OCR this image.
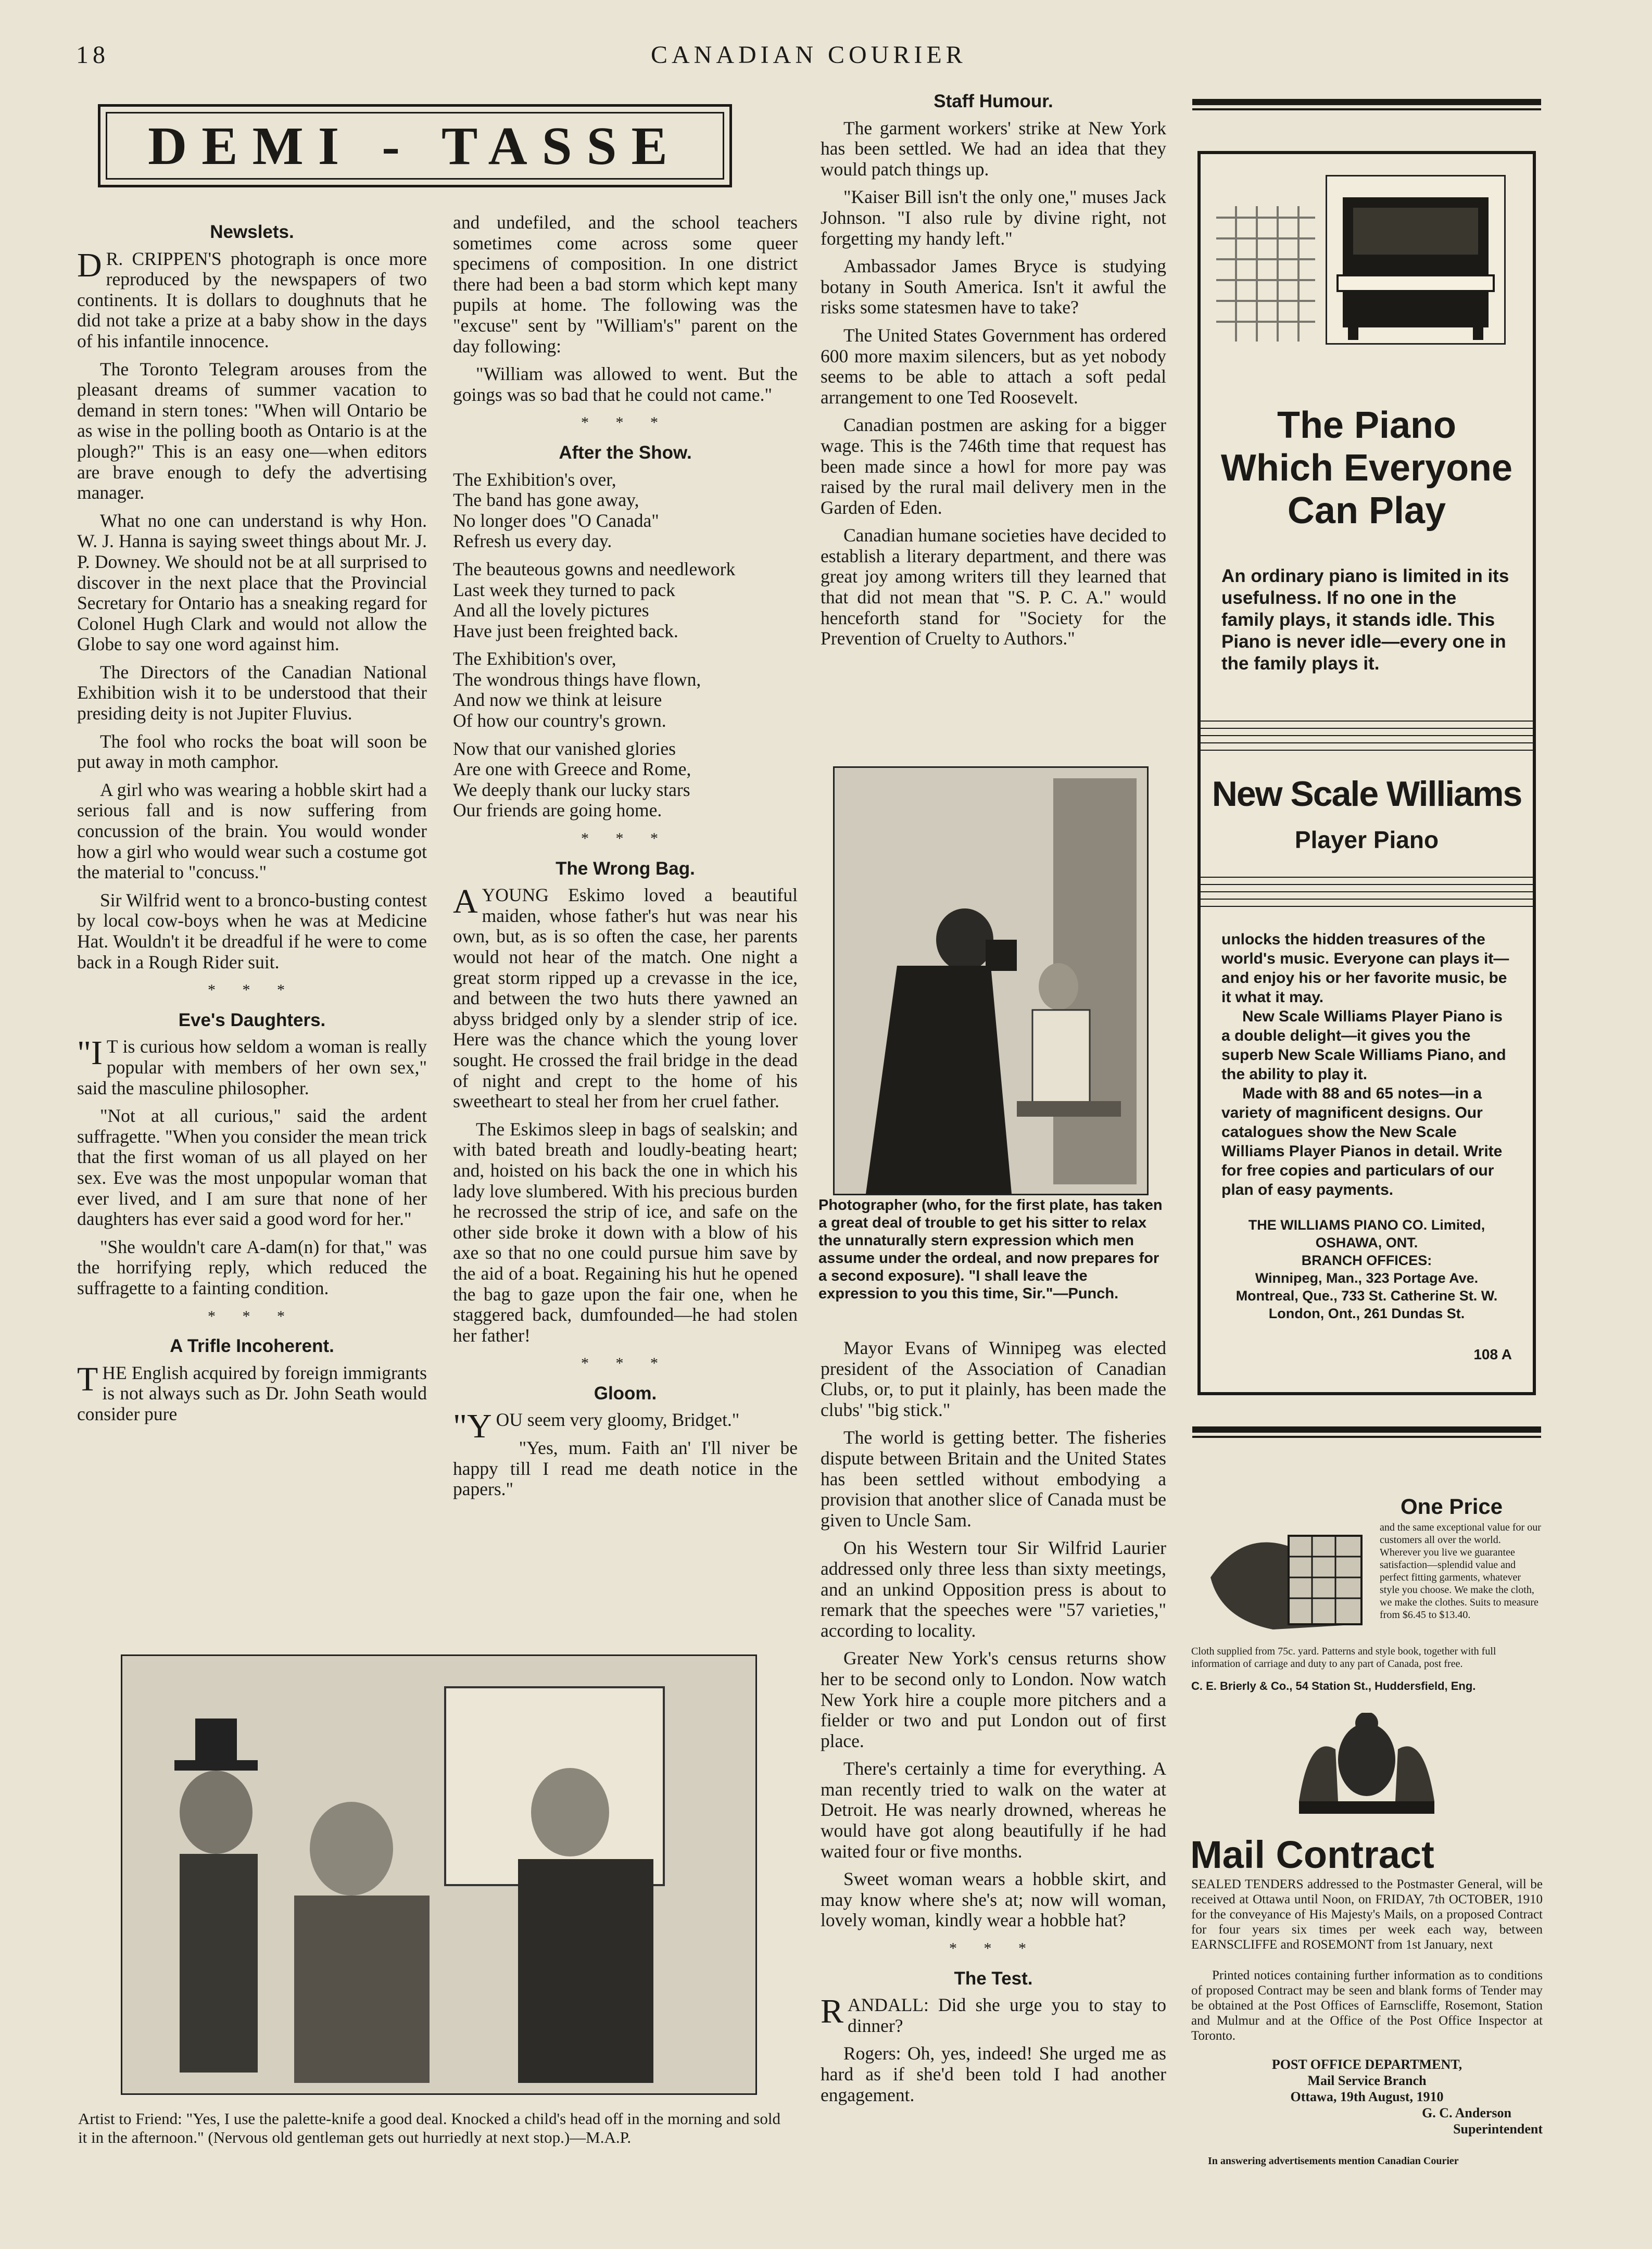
18	CANADIAN COURIER
DEMI - TASSE
Newslets.

D R. CRIPPEN'S photograph is once more reproduced by the newspapers of two continents. It is dollars to doughnuts that he did not take a prize at a baby show in the days of his infantile innocence.

The Toronto Telegram arouses from the pleasant dreams of summer vacation to demand in stern tones: "When will Ontario be as wise in the polling booth as Ontario is at the plough?" This is an easy one—when editors are brave enough to defy the advertising manager.

What no one can understand is why Hon. W. J. Hanna is saying sweet things about Mr. J. P. Downey. We should not be at all surprised to discover in the next place that the Provincial Secretary for Ontario has a sneaking regard for Colonel Hugh Clark and would not allow the Globe to say one word against him.

The Directors of the Canadian National Exhibition wish it to be understood that their presiding deity is not Jupiter Fluvius.

The fool who rocks the boat will soon be put away in moth camphor.

A girl who was wearing a hobble skirt had a serious fall and is now suffering from concussion of the brain. You would wonder how a girl who would wear such a costume got the material to "concuss."

Sir Wilfrid went to a bronco-busting contest by local cow-boys when he was at Medicine Hat. Wouldn't it be dreadful if he were to come back in a Rough Rider suit.

* * *
Eve's Daughters.

"I T is curious how seldom a woman is really popular with members of her own sex," said the masculine philosopher.

"Not at all curious," said the ardent suffragette. "When you consider the mean trick that the first woman of us all played on her sex. Eve was the most unpopular woman that ever lived, and I am sure that none of her daughters has ever said a good word for her."

"She wouldn't care A-dam(n) for that," was the horrifying reply, which reduced the suffragette to a fainting condition.

* * *
A Trifle Incoherent.

THE English acquired by foreign immigrants is not always such as Dr. John Seath would consider pure

and undefiled, and the school teachers sometimes come across some queer specimens of composition. In one district there had been a bad storm which kept many pupils at home. The following was the "excuse" sent by "William's" parent on the day following:

"William was allowed to went. But the goings was so bad that he could not came."

* * *
After the Show.
The Exhibition's over,
The band has gone away,
No longer does "O Canada"
Refresh us every day.
The beauteous gowns and needlework
Last week they turned to pack
And all the lovely pictures
Have just been freighted back.
The Exhibition's over,
The wondrous things have flown,
And now we think at leisure
Of how our country's grown.
Now that our vanished glories
Are one with Greece and Rome,
We deeply thank our lucky stars
Our friends are going home.
* * *
The Wrong Bag.

AYOUNG Eskimo loved a beautiful maiden, whose father's hut was near his own, but, as is so often the case, her parents would not hear of the match. One night a great storm ripped up a crevasse in the ice, and between the two huts there yawned an abyss bridged only by a slender strip of ice. Here was the chance which the young lover sought. He crossed the frail bridge in the dead of night and crept to the home of his sweetheart to steal her from her cruel father.

The Eskimos sleep in bags of sealskin; and with bated breath and loudly-beating heart; and, hoisted on his back the one in which his lady love slumbered. With his precious burden he recrossed the strip of ice, and safe on the other side broke it down with a blow of his axe so that no one could pursue him save by the aid of a boat. Regaining his hut he opened the bag to gaze upon the fair one, when he staggered back, dumfounded—he had stolen her father!

* * *
Gloom.

"YOU seem very gloomy, Bridget."

"Yes, mum. Faith an' I'll niver be happy till I read me death notice in the papers."

Artist to Friend: "Yes, I use the palette-knife a good deal. Knocked a child's head off in the morning and sold it in the afternoon." (Nervous old gentleman gets out hurriedly at next stop.)—M.A.P.
Staff Humour.

The garment workers' strike at New York has been settled. We had an idea that they would patch things up.

"Kaiser Bill isn't the only one," muses Jack Johnson. "I also rule by divine right, not forgetting my handy left."

Ambassador James Bryce is studying botany in South America. Isn't it awful the risks some statesmen have to take?

The United States Government has ordered 600 more maxim silencers, but as yet nobody seems to be able to attach a soft pedal arrangement to one Ted Roosevelt.

Canadian postmen are asking for a bigger wage. This is the 746th time that request has been made since a howl for more pay was raised by the rural mail delivery men in the Garden of Eden.

Canadian humane societies have decided to establish a literary department, and there was great joy among writers till they learned that that did not mean that "S. P. C. A." would henceforth stand for "Society for the Prevention of Cruelty to Authors."

Photographer (who, for the first plate, has taken a great deal of trouble to get his sitter to relax the unnaturally stern expression which men assume under the ordeal, and now prepares for a second exposure). "I shall leave the expression to you this time, Sir."—Punch.

Mayor Evans of Winnipeg was elected president of the Association of Canadian Clubs, or, to put it plainly, has been made the clubs' "big stick."

The world is getting better. The fisheries dispute between Britain and the United States has been settled without embodying a provision that another slice of Canada must be given to Uncle Sam.

On his Western tour Sir Wilfrid Laurier addressed only three less than sixty meetings, and an unkind Opposition press is about to remark that the speeches were "57 varieties," according to locality.

Greater New York's census returns show her to be second only to London. Now watch New York hire a couple more pitchers and a fielder or two and put London out of first place.

There's certainly a time for everything. A man recently tried to walk on the water at Detroit. He was nearly drowned, whereas he would have got along beautifully if he had waited four or five months.

Sweet woman wears a hobble skirt, and may know where she's at; now will woman, lovely woman, kindly wear a hobble hat?

* * *
The Test.

RANDALL: Did she urge you to stay to dinner?

Rogers: Oh, yes, indeed! She urged me as hard as if she'd been told I had another engagement.

The Piano
Which Everyone
Can Play
An ordinary piano is limited in its usefulness. If no one in the family plays, it stands idle. This Piano is never idle—every one in the family plays it.
New Scale Williams
Player Piano
unlocks the hidden treasures of the world's music. Everyone can plays it—and enjoy his or her favorite music, be it what it may.
New Scale Williams Player Piano is a double delight—it gives you the superb New Scale Williams Piano, and the ability to play it.
Made with 88 and 65 notes—in a variety of magnificent designs. Our catalogues show the New Scale Williams Player Pianos in detail. Write for free copies and particulars of our plan of easy payments.
THE WILLIAMS PIANO CO. Limited,
OSHAWA, ONT.
BRANCH OFFICES:
Winnipeg, Man., 323 Portage Ave.
Montreal, Que., 733 St. Catherine St. W.
London, Ont., 261 Dundas St.
108 A
One Price
and the same exceptional value for our customers all over the world. Wherever you live we guarantee satisfaction—splendid value and perfect fitting garments, whatever style you choose. We make the cloth, we make the clothes. Suits to measure from $6.45 to $13.40.
Cloth supplied from 75c. yard. Patterns and style book, together with full information of carriage and duty to any part of Canada, post free.
C. E. Brierly & Co., 54 Station St., Huddersfield, Eng.
Mail Contract
SEALED TENDERS addressed to the Postmaster General, will be received at Ottawa until Noon, on FRIDAY, 7th OCTOBER, 1910 for the conveyance of His Majesty's Mails, on a proposed Contract for four years six times per week each way, between EARNSCLIFFE and ROSEMONT from 1st January, next
Printed notices containing further information as to conditions of proposed Contract may be seen and blank forms of Tender may be obtained at the Post Offices of Earnscliffe, Rosemont, Station and Mulmur and at the Office of the Post Office Inspector at Toronto.
POST OFFICE DEPARTMENT,
Mail Service Branch
Ottawa, 19th August, 1910
G. C. Anderson
Superintendent
In answering advertisements mention Canadian Courier
